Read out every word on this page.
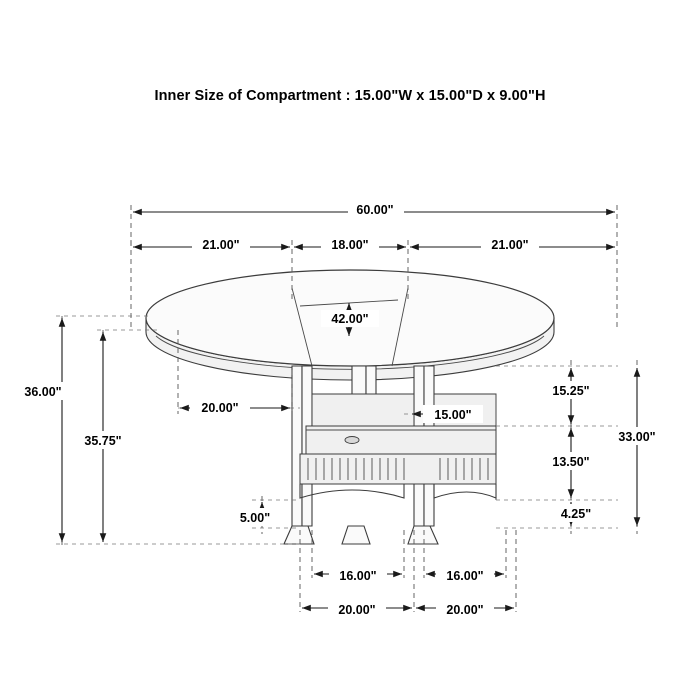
Inner Size of Compartment : 15.00"W x 15.00"D x 9.00"H
60.00"
21.00"	18.00"	21.00"
42.00"
36.00"
35.75"
20.00"	15.00"
15.25"
13.50"
4.25"
33.00"
5.00"
16.00"	16.00"
20.00"	20.00"
